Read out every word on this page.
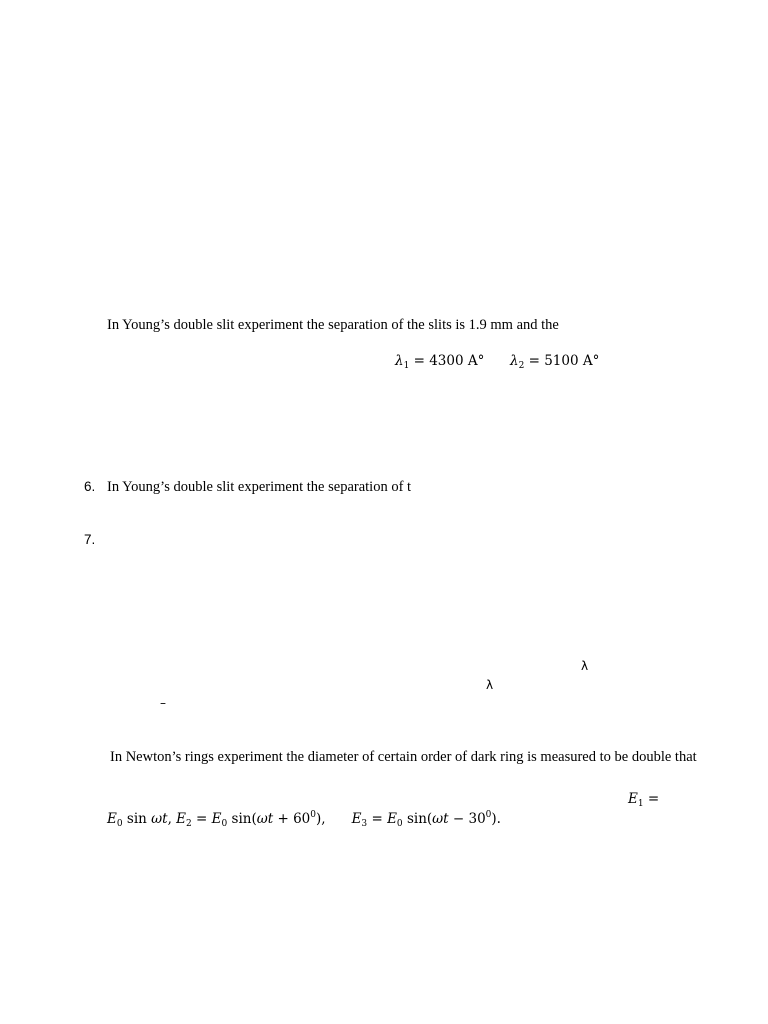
In Young’s double slit experiment the separation of the slits is 1.9 mm and the
$\lambda_1 = 4300$ A° $\lambda_2 = 5100$ A°
6. In Young’s double slit experiment the separation of t
7.
λ
λ
–
In Newton’s rings experiment the diameter of certain order of dark ring is measured to be double that
$E_1$ =
$E_0$ sin ωt, $E_2 = E_0$ $\sin(\omega t + 60^0)$, $E_3 = E_0$ $\sin(\omega t - 30^0)$.
